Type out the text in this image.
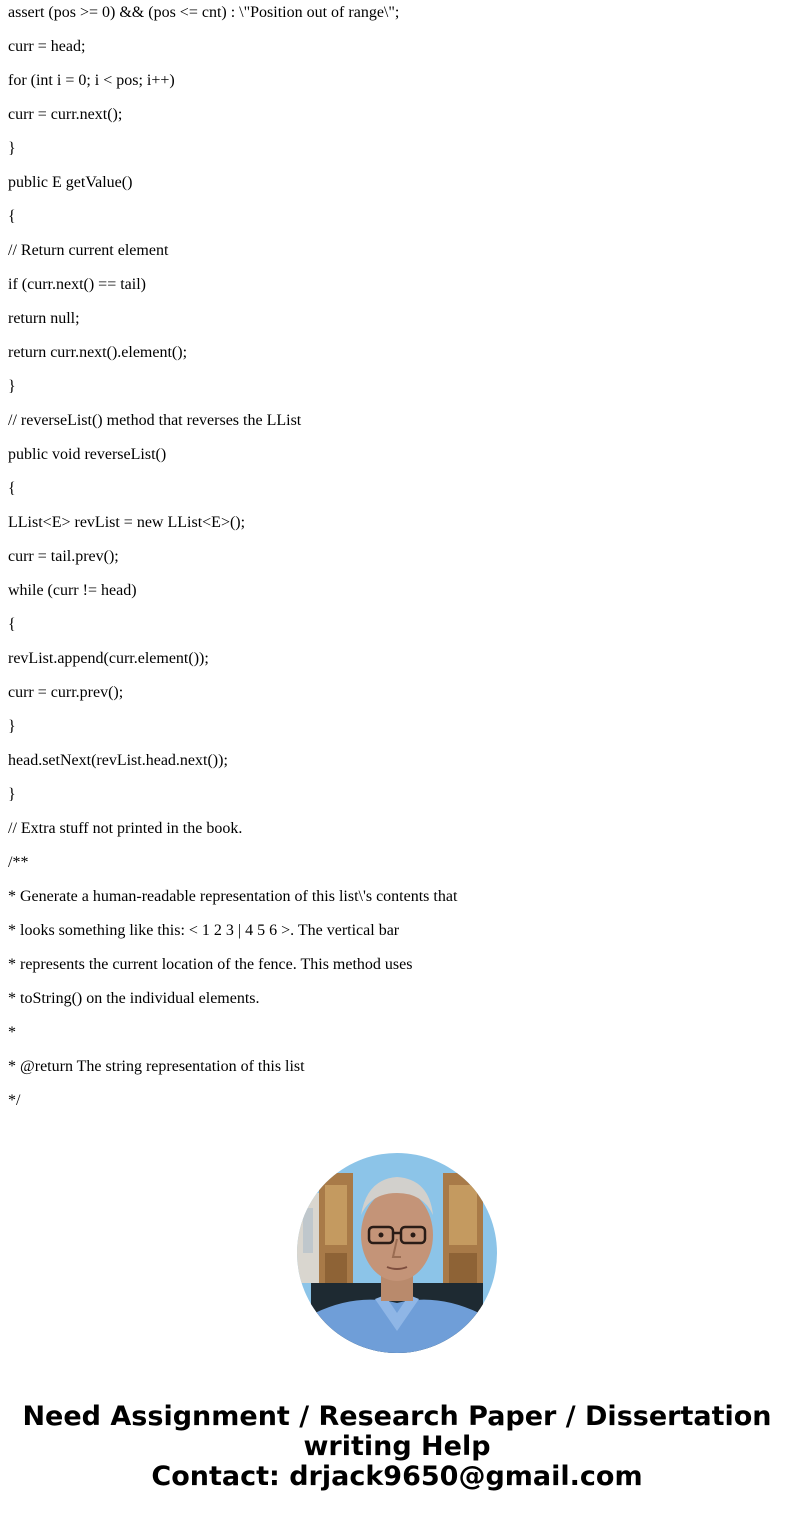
assert (pos >= 0) && (pos <= cnt) : \"Position out of range\";
curr = head;
for (int i = 0; i < pos; i++)
curr = curr.next();
}
public E getValue()
{
// Return current element
if (curr.next() == tail)
return null;
return curr.next().element();
}
// reverseList() method that reverses the LList
public void reverseList()
{
LList<E> revList = new LList<E>();
curr = tail.prev();
while (curr != head)
{
revList.append(curr.element());
curr = curr.prev();
}
head.setNext(revList.head.next());
}
// Extra stuff not printed in the book.
/**
* Generate a human-readable representation of this list\'s contents that
* looks something like this: < 1 2 3 | 4 5 6 >. The vertical bar
* represents the current location of the fence. This method uses
* toString() on the individual elements.
*
* @return The string representation of this list
*/
Need Assignment / Research Paper / Dissertation
writing Help
Contact: drjack9650@gmail.com
